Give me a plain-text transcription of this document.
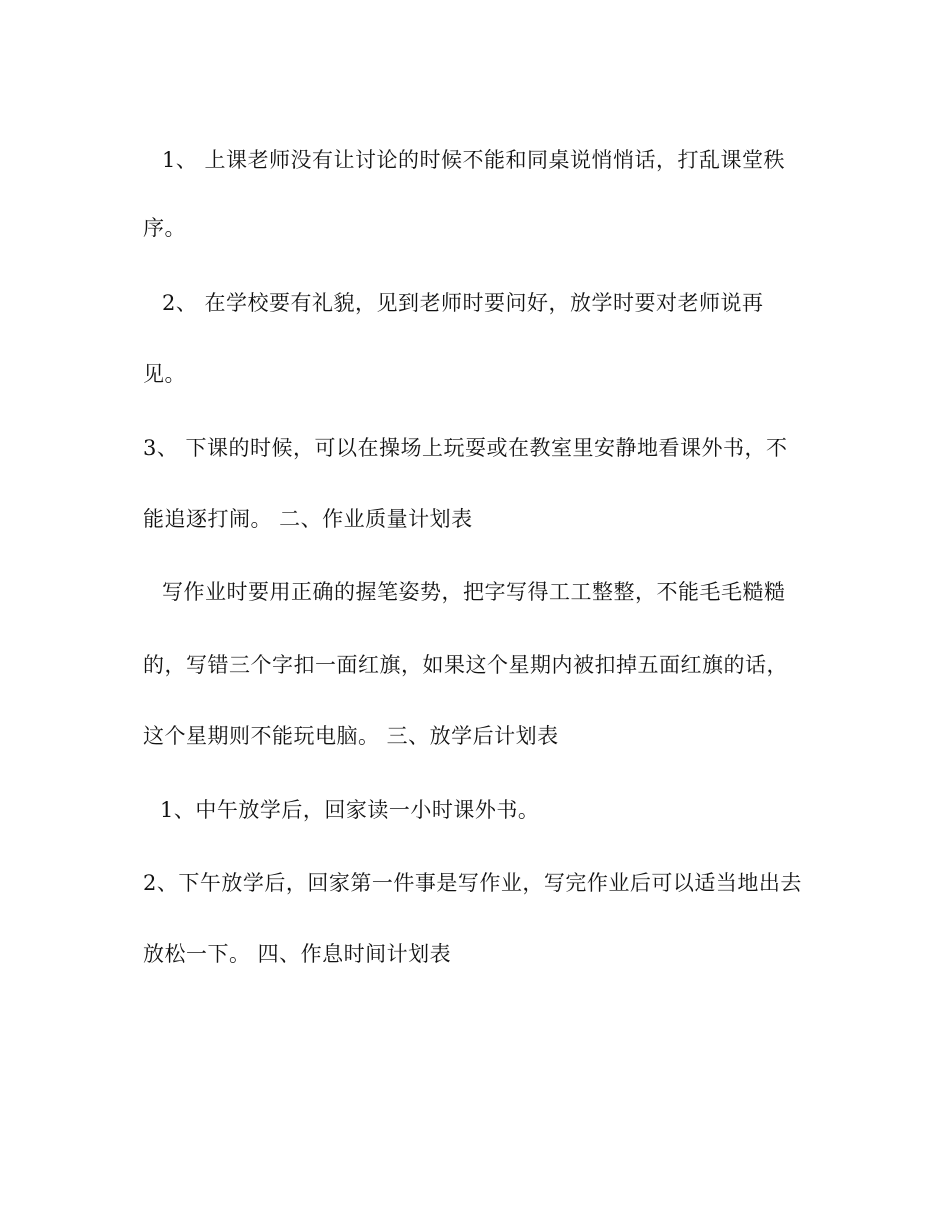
1、 上课老师没有让讨论的时候不能和同桌说悄悄话，打乱课堂秩
序。
2、 在学校要有礼貌，见到老师时要问好，放学时要对老师说再
见。
3、 下课的时候，可以在操场上玩耍或在教室里安静地看课外书，不
能追逐打闹。 二、作业质量计划表
写作业时要用正确的握笔姿势，把字写得工工整整，不能毛毛糙糙
的，写错三个字扣一面红旗，如果这个星期内被扣掉五面红旗的话，
这个星期则不能玩电脑。 三、放学后计划表
1、中午放学后，回家读一小时课外书。
2、下午放学后，回家第一件事是写作业，写完作业后可以适当地出去
放松一下。 四、作息时间计划表
